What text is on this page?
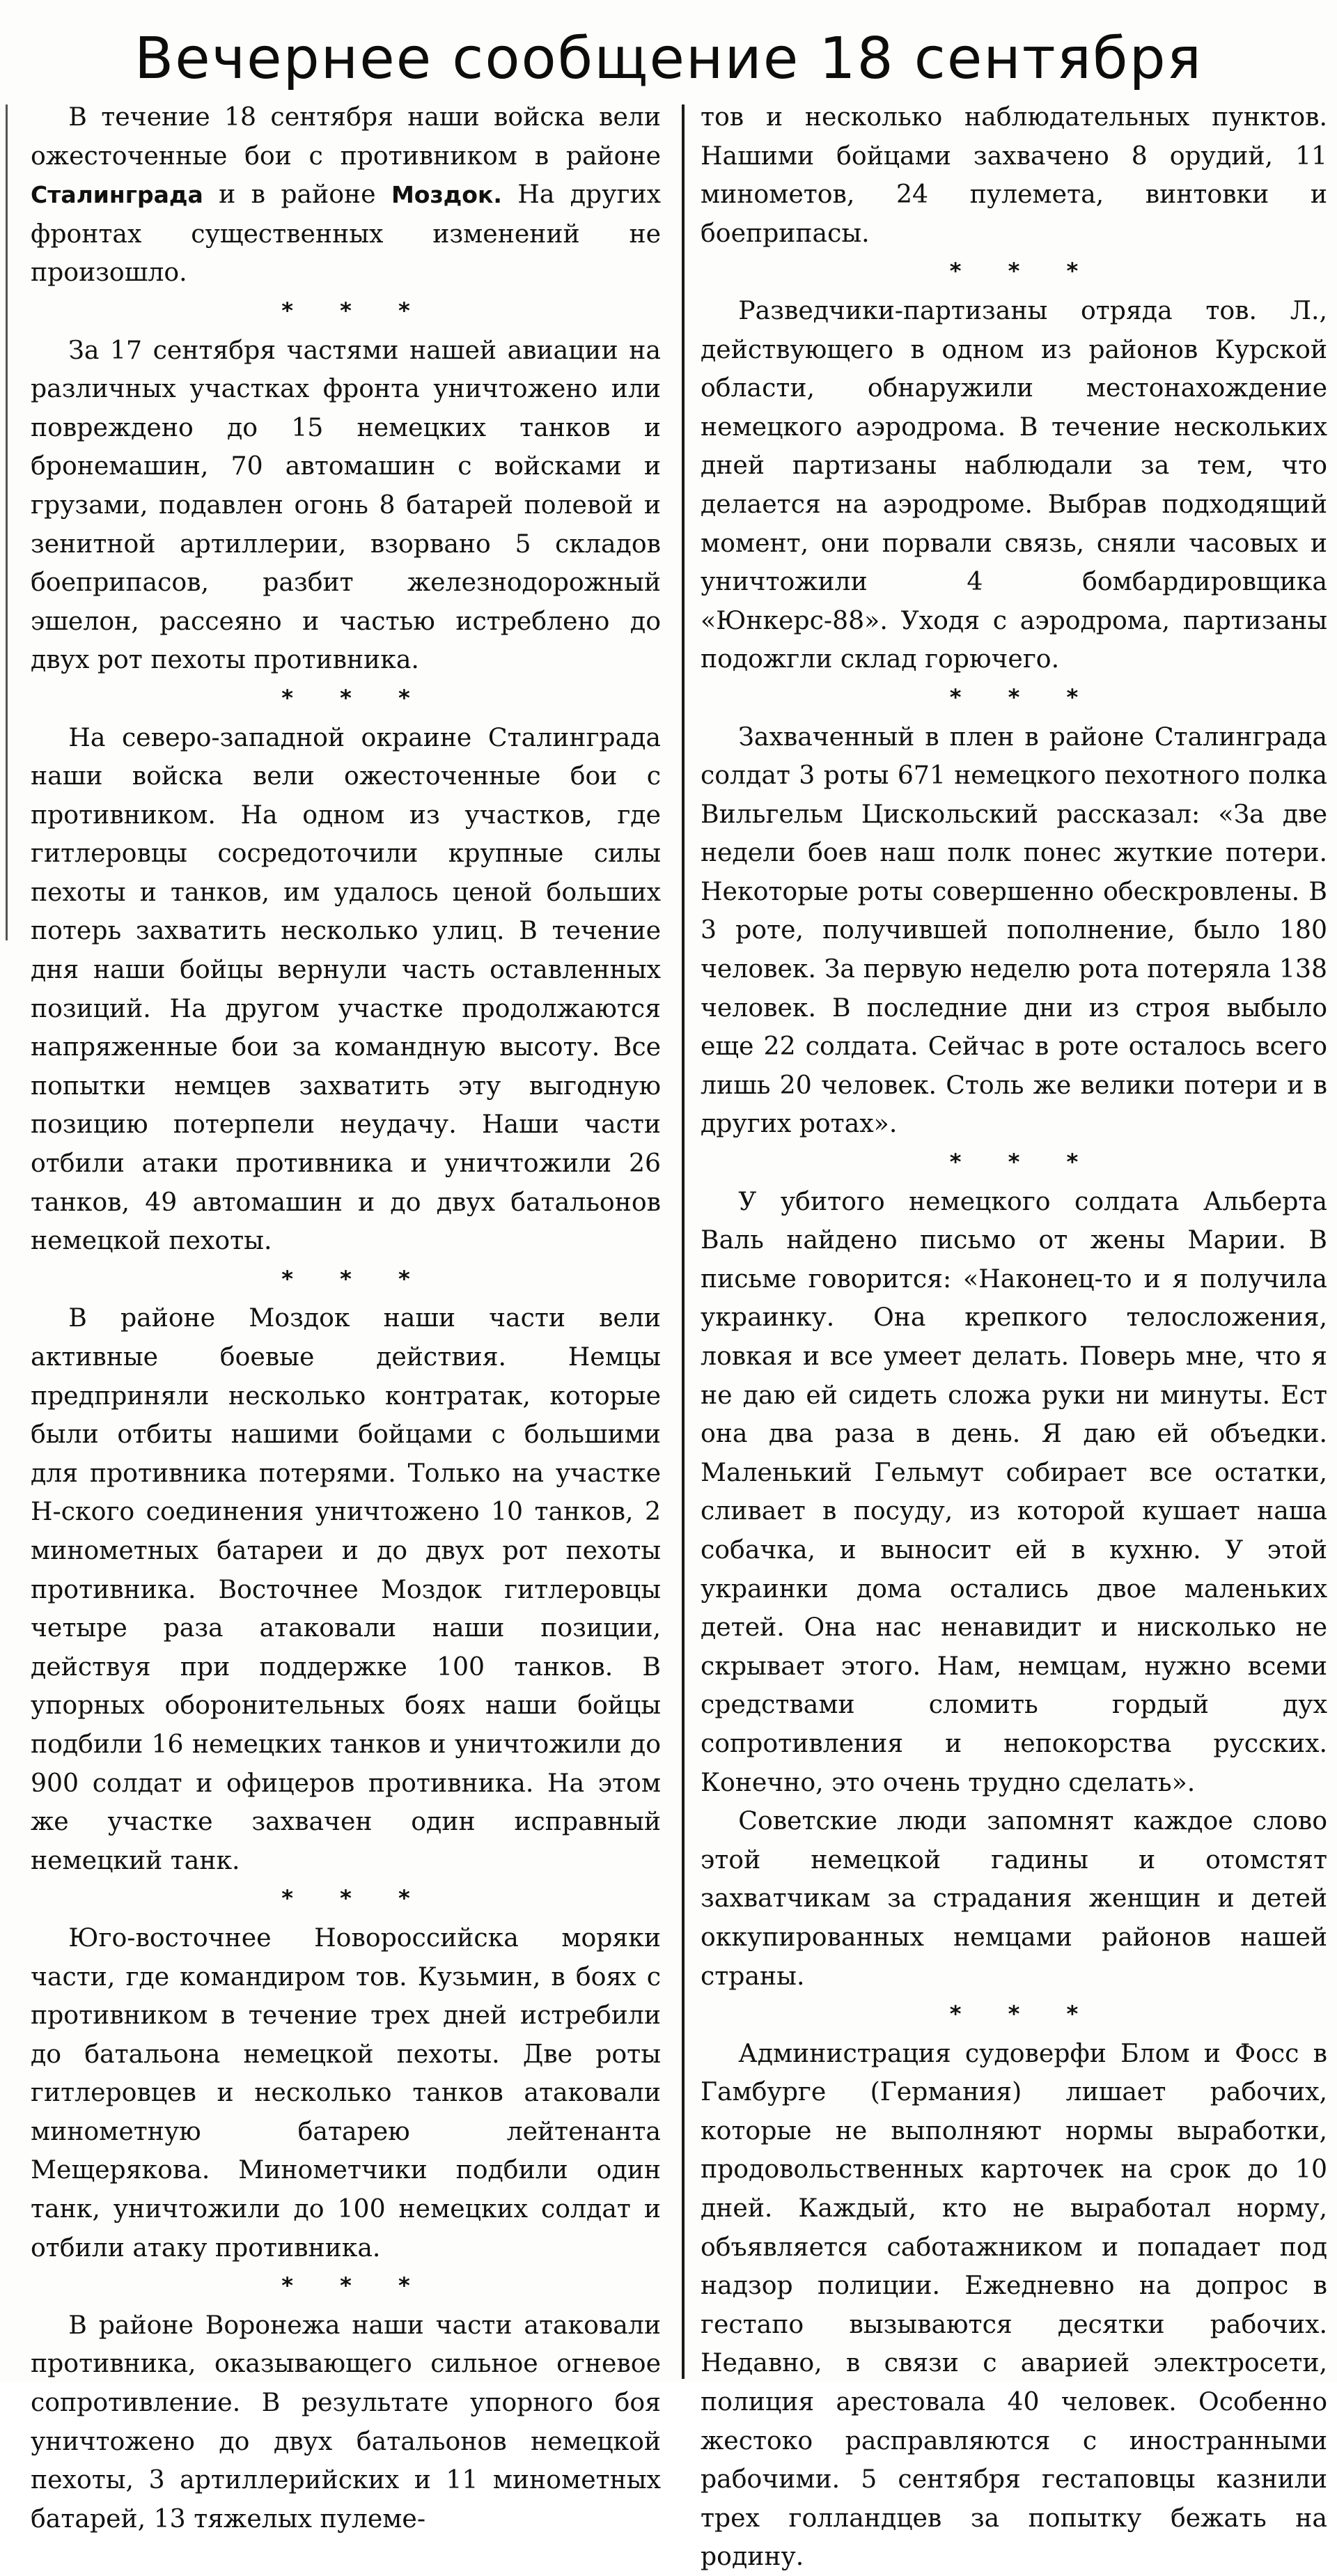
Вечернее сообщение 18 сентября

В течение 18 сентября наши войска вели ожесточенные бои с противником в районе Сталинграда и в районе Моздок. На других фронтах существенных изменений не произошло.

* * *

За 17 сентября частями нашей авиации на различных участках фронта уничтожено или повреждено до 15 немецких танков и бронемашин, 70 автомашин с войсками и грузами, подавлен огонь 8 батарей полевой и зенитной артиллерии, взорвано 5 складов боеприпасов, разбит железнодорожный эшелон, рассеяно и частью истреблено до двух рот пехоты противника.

* * *

На северо-западной окраине Сталинграда наши войска вели ожесточенные бои с противником. На одном из участков, где гитлеровцы сосредоточили крупные силы пехоты и танков, им удалось ценой больших потерь захватить несколько улиц. В течение дня наши бойцы вернули часть оставленных позиций. На другом участке продолжаются напряженные бои за командную высоту. Все попытки немцев захватить эту выгодную позицию потерпели неудачу. Наши части отбили атаки противника и уничтожили 26 танков, 49 автомашин и до двух батальонов немецкой пехоты.

* * *

В районе Моздок наши части вели активные боевые действия. Немцы предприняли несколько контратак, которые были отбиты нашими бойцами с большими для противника потерями. Только на участке Н-ского соединения уничтожено 10 танков, 2 минометных батареи и до двух рот пехоты противника. Восточнее Моздок гитлеровцы четыре раза атаковали наши позиции, действуя при поддержке 100 танков. В упорных оборонительных боях наши бойцы подбили 16 немецких танков и уничтожили до 900 солдат и офицеров противника. На этом же участке захвачен один исправный немецкий танк.

* * *

Юго-восточнее Новороссийска моряки части, где командиром тов. Кузьмин, в боях с противником в течение трех дней истребили до батальона немецкой пехоты. Две роты гитлеровцев и несколько танков атаковали минометную батарею лейтенанта Мещерякова. Минометчики подбили один танк, уничтожили до 100 немецких солдат и отбили атаку противника.

* * *

В районе Воронежа наши части атаковали противника, оказывающего сильное огневое сопротивление. В результате упорного боя уничтожено до двух батальонов немецкой пехоты, 3 артиллерийских и 11 минометных батарей, 13 тяжелых пулеме-

тов и несколько наблюдательных пунктов. Нашими бойцами захвачено 8 орудий, 11 минометов, 24 пулемета, винтовки и боеприпасы.

* * *

Разведчики-партизаны отряда тов. Л., действующего в одном из районов Курской области, обнаружили местонахождение немецкого аэродрома. В течение нескольких дней партизаны наблюдали за тем, что делается на аэродроме. Выбрав подходящий момент, они порвали связь, сняли часовых и уничтожили 4 бомбардировщика «Юнкерс-88». Уходя с аэродрома, партизаны подожгли склад горючего.

* * *

Захваченный в плен в районе Сталинграда солдат 3 роты 671 немецкого пехотного полка Вильгельм Цискольский рассказал: «За две недели боев наш полк понес жуткие потери. Некоторые роты совершенно обескровлены. В 3 роте, получившей пополнение, было 180 человек. За первую неделю рота потеряла 138 человек. В последние дни из строя выбыло еще 22 солдата. Сейчас в роте осталось всего лишь 20 человек. Столь же велики потери и в других ротах».

* * *

У убитого немецкого солдата Альберта Валь найдено письмо от жены Марии. В письме говорится: «Наконец-то и я получила украинку. Она крепкого телосложения, ловкая и все умеет делать. Поверь мне, что я не даю ей сидеть сложа руки ни минуты. Ест она два раза в день. Я даю ей объедки. Маленький Гельмут собирает все остатки, сливает в посуду, из которой кушает наша собачка, и выносит ей в кухню. У этой украинки дома остались двое маленьких детей. Она нас ненавидит и нисколько не скрывает этого. Нам, немцам, нужно всеми средствами сломить гордый дух сопротивления и непокорства русских. Конечно, это очень трудно сделать».

Советские люди запомнят каждое слово этой немецкой гадины и отомстят захватчикам за страдания женщин и детей оккупированных немцами районов нашей страны.

* * *

Администрация судоверфи Блом и Фосс в Гамбурге (Германия) лишает рабочих, которые не выполняют нормы выработки, продовольственных карточек на срок до 10 дней. Каждый, кто не выработал норму, объявляется саботажником и попадает под надзор полиции. Ежедневно на допрос в гестапо вызываются десятки рабочих. Недавно, в связи с аварией электросети, полиция арестовала 40 человек. Особенно жестоко расправляются с иностранными рабочими. 5 сентября гестаповцы казнили трех голландцев за попытку бежать на родину.
